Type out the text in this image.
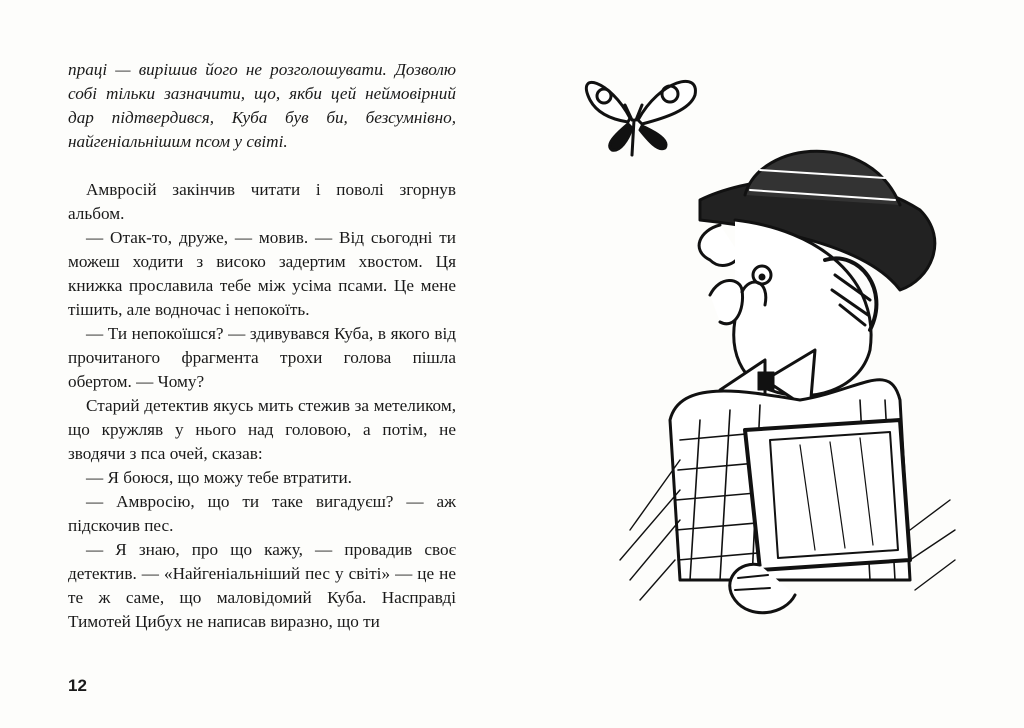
праці — вирішив його не розголошувати. Дозволю собі тільки зазначити, що, якби цей неймовірний дар підтвердився, Куба був би, безсумнівно, найгеніальнішим псом у світі.

Амвросій закінчив читати і поволі згорнув альбом.

— Отак-то, друже, — мовив. — Від сьогодні ти можеш ходити з високо задертим хвостом. Ця книжка прославила тебе між усіма псами. Це мене тішить, але водночас і непокоїть.

— Ти непокоїшся? — здивувався Куба, в якого від прочитаного фрагмента трохи голова пішла обертом. — Чому?

Старий детектив якусь мить стежив за метеликом, що кружляв у нього над головою, а потім, не зводячи з пса очей, сказав:

— Я боюся, що можу тебе втратити.

— Амвросію, що ти таке вигадуєш? — аж підскочив пес.

— Я знаю, про що кажу, — провадив своє детектив. — «Найгеніальніший пес у світі» — це не те ж саме, що маловідомий Куба. Насправді Тимотей Цибух не написав виразно, що ти

12
